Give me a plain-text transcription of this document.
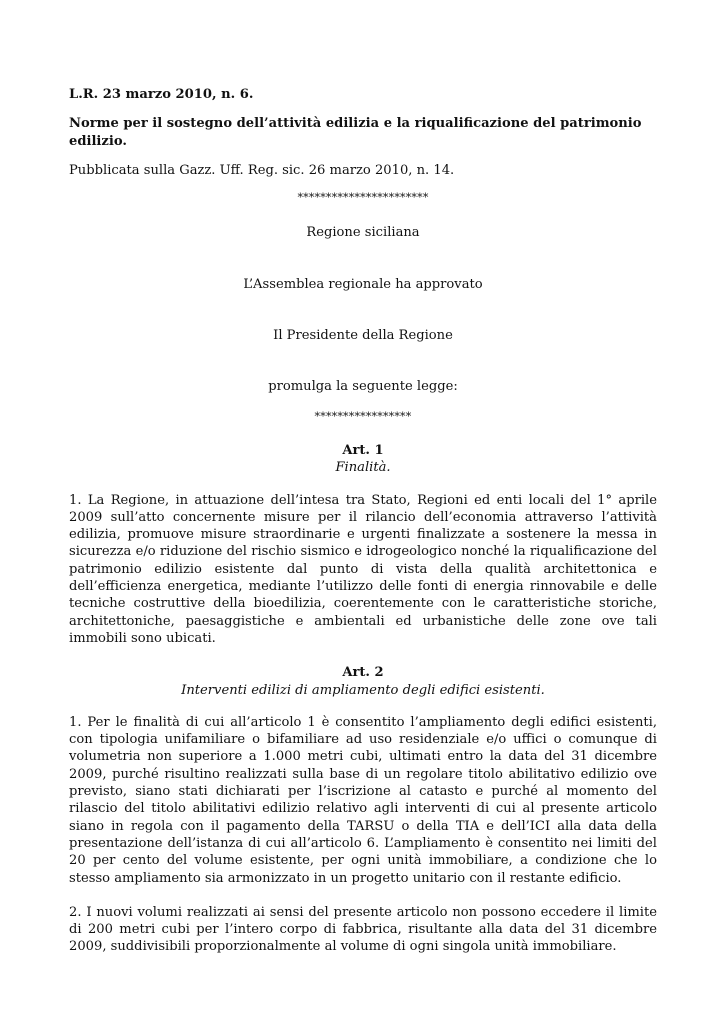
L.R. 23 marzo 2010, n. 6.

Norme per il sostegno dell’attività edilizia e la riqualificazione del patrimonio edilizio.

Pubblicata sulla Gazz. Uff. Reg. sic. 26 marzo 2010, n. 14.

***********************

Regione siciliana

L’Assemblea regionale ha approvato

Il Presidente della Regione

promulga la seguente legge:

*****************

Art. 1

Finalità.

1. La Regione, in attuazione dell’intesa tra Stato, Regioni ed enti locali del 1° aprile 2009 sull’atto concernente misure per il rilancio dell’economia attraverso l’attività edilizia, promuove misure straordinarie e urgenti finalizzate a sostenere la messa in sicurezza e/o riduzione del rischio sismico e idrogeologico nonché la riqualificazione del patrimonio edilizio esistente dal punto di vista della qualità architettonica e dell’efficienza energetica, mediante l’utilizzo delle fonti di energia rinnovabile e delle tecniche costruttive della bioedilizia, coerentemente con le caratteristiche storiche, architettoniche, paesaggistiche e ambientali ed urbanistiche delle zone ove tali immobili sono ubicati.

Art. 2

Interventi edilizi di ampliamento degli edifici esistenti.

1. Per le finalità di cui all’articolo 1 è consentito l’ampliamento degli edifici esistenti, con tipologia unifamiliare o bifamiliare ad uso residenziale e/o uffici o comunque di volumetria non superiore a 1.000 metri cubi, ultimati entro la data del 31 dicembre 2009, purché risultino realizzati sulla base di un regolare titolo abilitativo edilizio ove previsto, siano stati dichiarati per l’iscrizione al catasto e purché al momento del rilascio del titolo abilitativi edilizio relativo agli interventi di cui al presente articolo siano in regola con il pagamento della TARSU o della TIA e dell’ICI alla data della presentazione dell’istanza di cui all’articolo 6. L’ampliamento è consentito nei limiti del 20 per cento del volume esistente, per ogni unità immobiliare, a condizione che lo stesso ampliamento sia armonizzato in un progetto unitario con il restante edificio.

2. I nuovi volumi realizzati ai sensi del presente articolo non possono eccedere il limite di 200 metri cubi per l’intero corpo di fabbrica, risultante alla data del 31 dicembre 2009, suddivisibili proporzionalmente al volume di ogni singola unità immobiliare.
